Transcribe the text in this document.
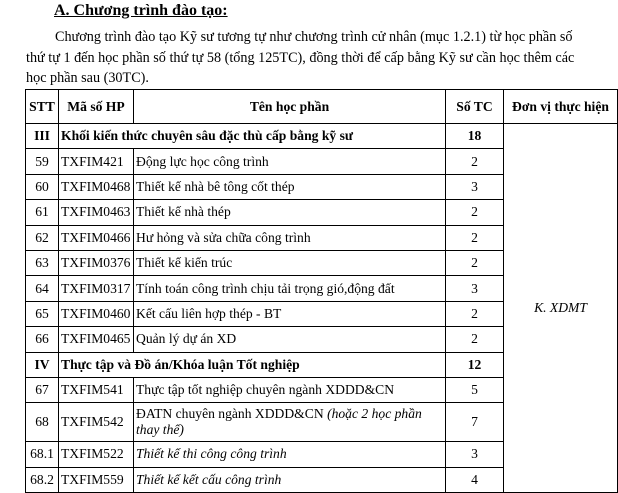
A. Chương trình đào tạo:
Chương trình đào tạo Kỹ sư tương tự như chương trình cử nhân (mục 1.2.1) từ học phần số
thứ tự 1 đến học phần số thứ tự 58 (tổng 125TC), đồng thời để cấp bằng Kỹ sư cần học thêm các
học phần sau (30TC).
STT	Mã số HP	Tên học phần	Số TC	Đơn vị thực hiện
III	Khối kiến thức chuyên sâu đặc thù cấp bằng kỹ sư		18	K. XDMT
59	TXFIM421	Động lực học công trình	2	
60	TXFIM0468	Thiết kế nhà bê tông cốt thép	3	
61	TXFIM0463	Thiết kế nhà thép	2	
62	TXFIM0466	Hư hỏng và sửa chữa công trình	2	
63	TXFIM0376	Thiết kế kiến trúc	2	
64	TXFIM0317	Tính toán công trình chịu tải trọng gió,động đất	3	
65	TXFIM0460	Kết cấu liên hợp thép - BT	2	
66	TXFIM0465	Quản lý dự án XD	2	
IV	Thực tập và Đồ án/Khóa luận Tốt nghiệp		12	
67	TXFIM541	Thực tập tốt nghiệp chuyên ngành XDDD&CN	5	
68	TXFIM542	ĐATN chuyên ngành XDDD&CN (hoặc 2 học phần thay thế)	7	
68.1	TXFIM522	Thiết kế thi công công trình	3	
68.2	TXFIM559	Thiết kế kết cấu công trình	4	
